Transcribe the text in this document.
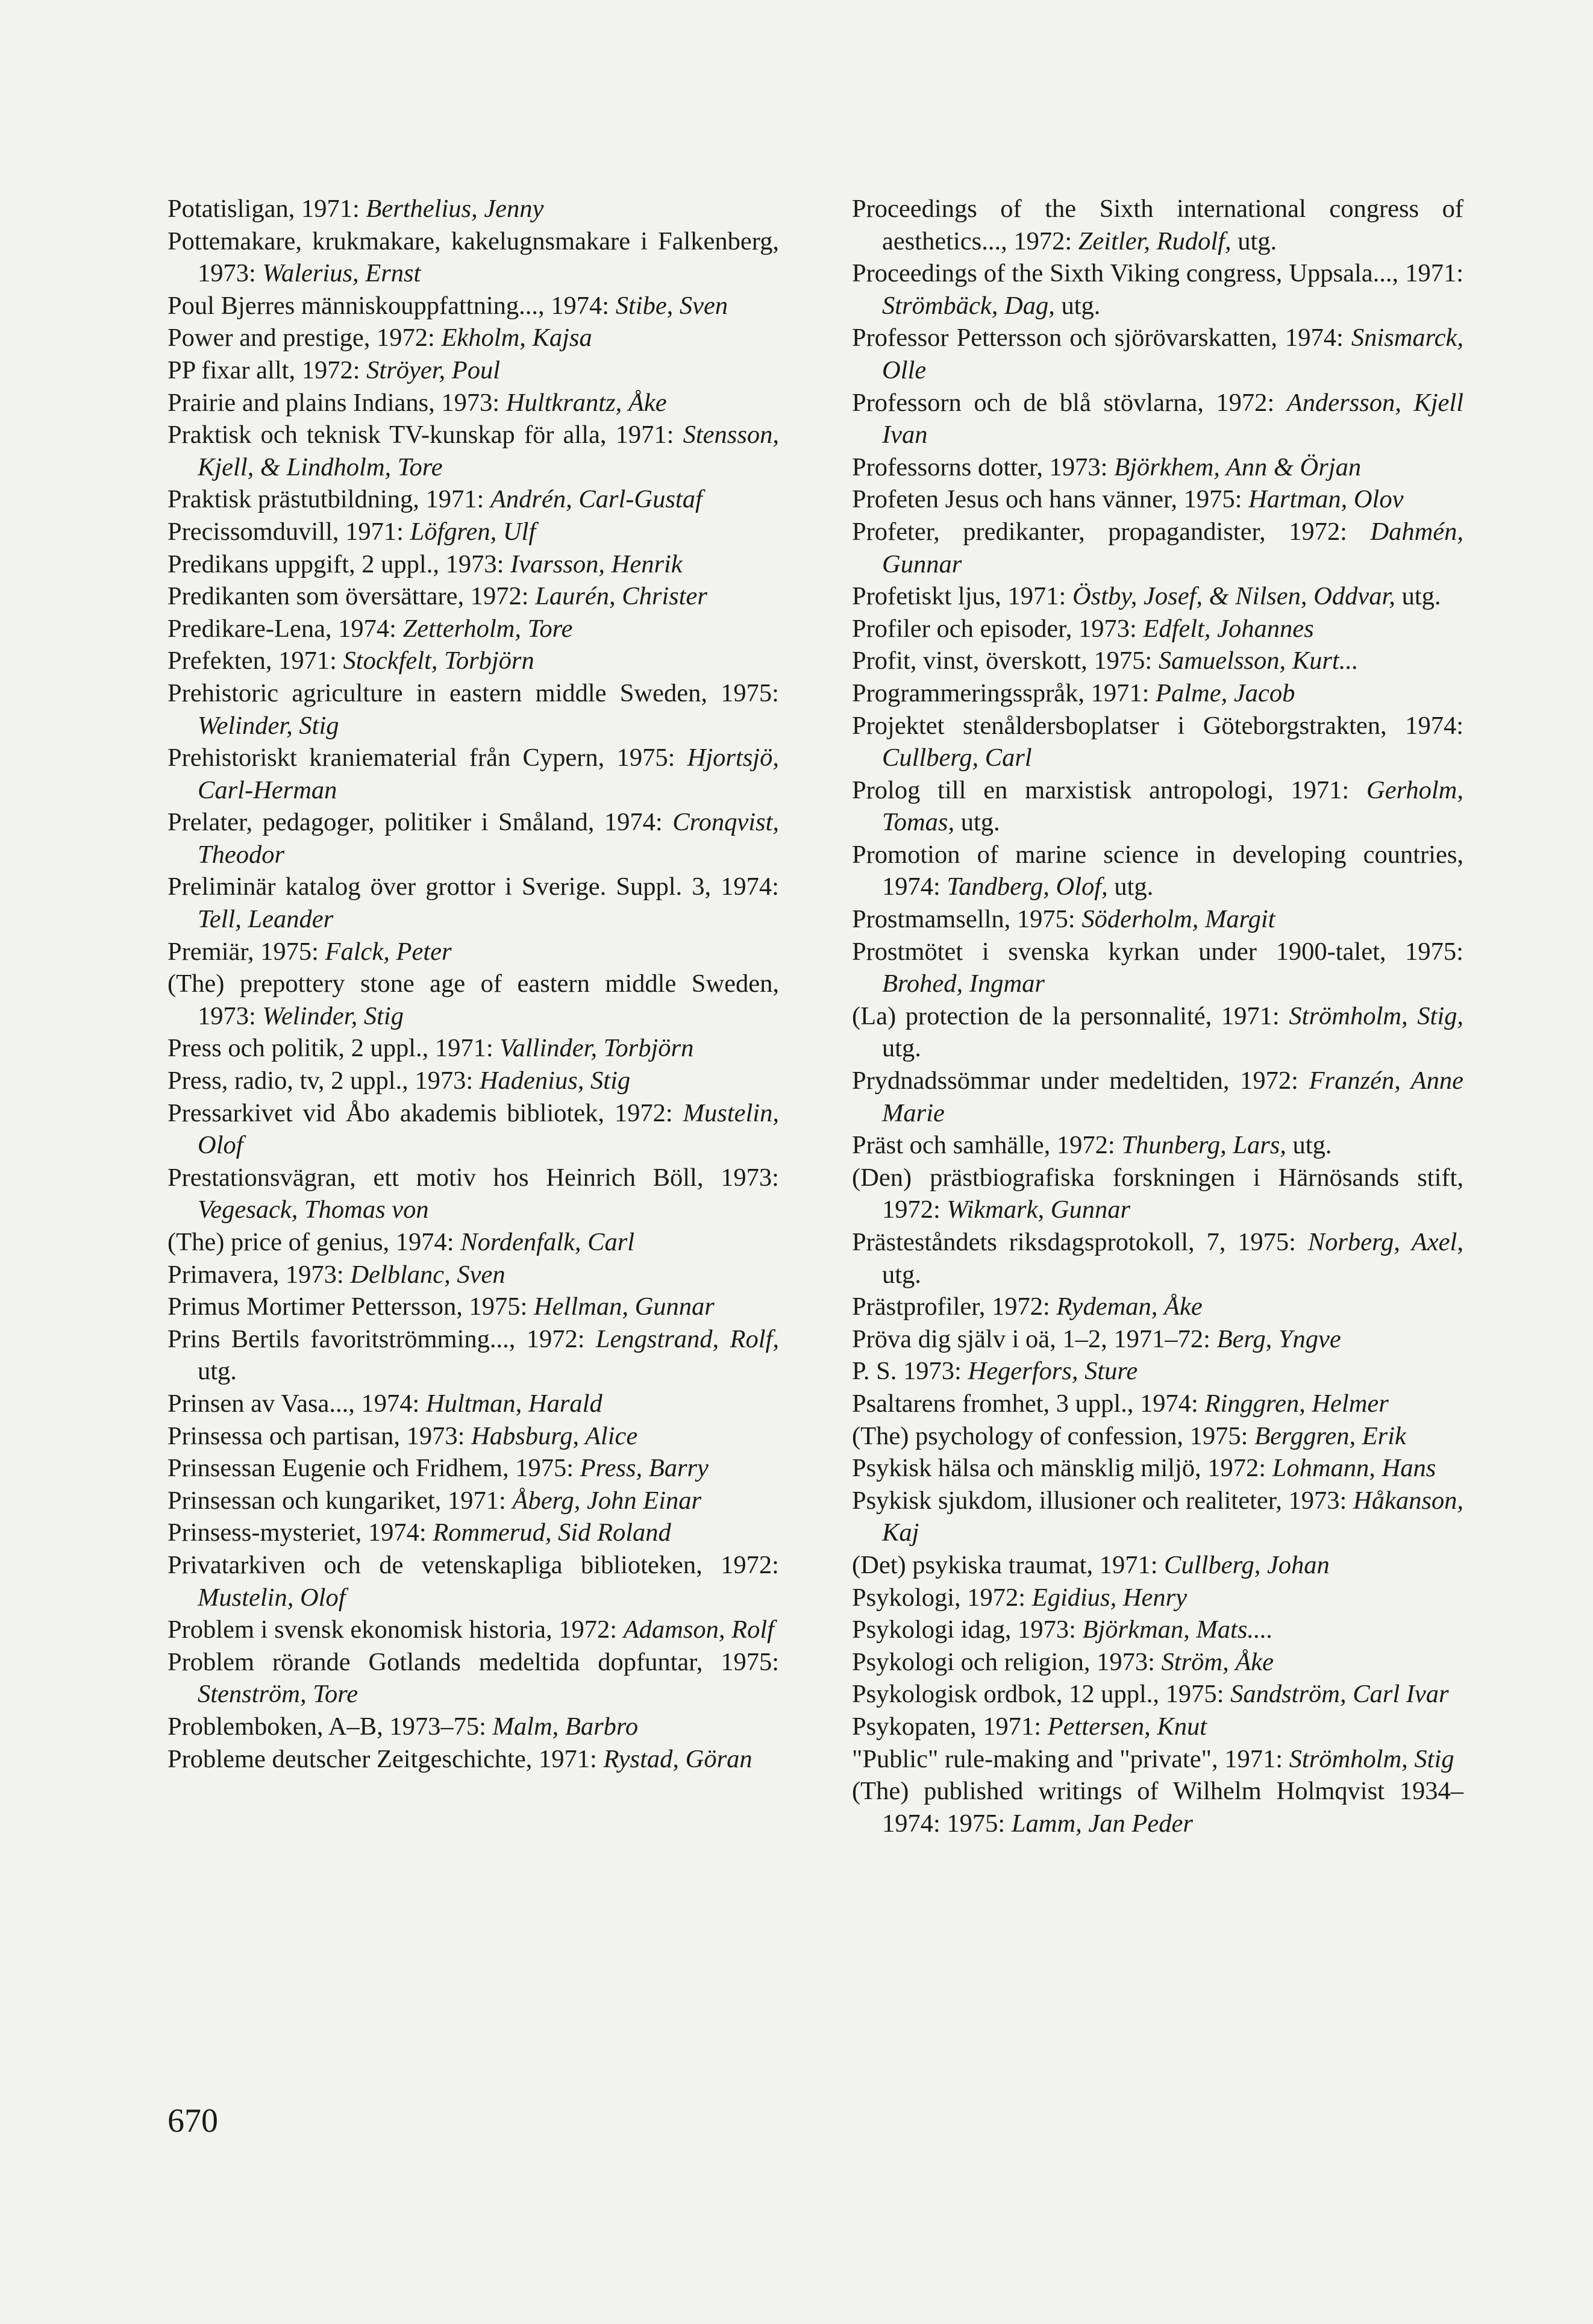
Potatisligan, 1971: Berthelius, Jenny
Pottemakare, krukmakare, kakelugnsmakare i Falkenberg, 1973: Walerius, Ernst
Poul Bjerres människouppfattning..., 1974: Stibe, Sven
Power and prestige, 1972: Ekholm, Kajsa
PP fixar allt, 1972: Ströyer, Poul
Prairie and plains Indians, 1973: Hultkrantz, Åke
Praktisk och teknisk TV-kunskap för alla, 1971: Stensson, Kjell, & Lindholm, Tore
Praktisk prästutbildning, 1971: Andrén, Carl-Gustaf
Precissomduvill, 1971: Löfgren, Ulf
Predikans uppgift, 2 uppl., 1973: Ivarsson, Henrik
Predikanten som översättare, 1972: Laurén, Christer
Predikare-Lena, 1974: Zetterholm, Tore
Prefekten, 1971: Stockfelt, Torbjörn
Prehistoric agriculture in eastern middle Sweden, 1975: Welinder, Stig
Prehistoriskt kraniematerial från Cypern, 1975: Hjortsjö, Carl-Herman
Prelater, pedagoger, politiker i Småland, 1974: Cronqvist, Theodor
Preliminär katalog över grottor i Sverige. Suppl. 3, 1974: Tell, Leander
Premiär, 1975: Falck, Peter
(The) prepottery stone age of eastern middle Sweden, 1973: Welinder, Stig
Press och politik, 2 uppl., 1971: Vallinder, Torbjörn
Press, radio, tv, 2 uppl., 1973: Hadenius, Stig
Pressarkivet vid Åbo akademis bibliotek, 1972: Mustelin, Olof
Prestationsvägran, ett motiv hos Heinrich Böll, 1973: Vegesack, Thomas von
(The) price of genius, 1974: Nordenfalk, Carl
Primavera, 1973: Delblanc, Sven
Primus Mortimer Pettersson, 1975: Hellman, Gunnar
Prins Bertils favoritströmming..., 1972: Lengstrand, Rolf, utg.
Prinsen av Vasa..., 1974: Hultman, Harald
Prinsessa och partisan, 1973: Habsburg, Alice
Prinsessan Eugenie och Fridhem, 1975: Press, Barry
Prinsessan och kungariket, 1971: Åberg, John Einar
Prinsess-mysteriet, 1974: Rommerud, Sid Roland
Privatarkiven och de vetenskapliga biblioteken, 1972: Mustelin, Olof
Problem i svensk ekonomisk historia, 1972: Adamson, Rolf
Problem rörande Gotlands medeltida dopfuntar, 1975: Stenström, Tore
Problemboken, A–B, 1973–75: Malm, Barbro
Probleme deutscher Zeitgeschichte, 1971: Rystad, Göran
Proceedings of the Sixth international congress of aesthetics..., 1972: Zeitler, Rudolf, utg.
Proceedings of the Sixth Viking congress, Uppsala..., 1971: Strömbäck, Dag, utg.
Professor Pettersson och sjörövarskatten, 1974: Snismarck, Olle
Professorn och de blå stövlarna, 1972: Andersson, Kjell Ivan
Professorns dotter, 1973: Björkhem, Ann & Örjan
Profeten Jesus och hans vänner, 1975: Hartman, Olov
Profeter, predikanter, propagandister, 1972: Dahmén, Gunnar
Profetiskt ljus, 1971: Östby, Josef, & Nilsen, Oddvar, utg.
Profiler och episoder, 1973: Edfelt, Johannes
Profit, vinst, överskott, 1975: Samuelsson, Kurt...
Programmeringsspråk, 1971: Palme, Jacob
Projektet stenåldersboplatser i Göteborgstrakten, 1974: Cullberg, Carl
Prolog till en marxistisk antropologi, 1971: Gerholm, Tomas, utg.
Promotion of marine science in developing countries, 1974: Tandberg, Olof, utg.
Prostmamselln, 1975: Söderholm, Margit
Prostmötet i svenska kyrkan under 1900-talet, 1975: Brohed, Ingmar
(La) protection de la personnalité, 1971: Strömholm, Stig, utg.
Prydnadssömmar under medeltiden, 1972: Franzén, Anne Marie
Präst och samhälle, 1972: Thunberg, Lars, utg.
(Den) prästbiografiska forskningen i Härnösands stift, 1972: Wikmark, Gunnar
Prästeståndets riksdagsprotokoll, 7, 1975: Norberg, Axel, utg.
Prästprofiler, 1972: Rydeman, Åke
Pröva dig själv i oä, 1–2, 1971–72: Berg, Yngve
P. S. 1973: Hegerfors, Sture
Psaltarens fromhet, 3 uppl., 1974: Ringgren, Helmer
(The) psychology of confession, 1975: Berggren, Erik
Psykisk hälsa och mänsklig miljö, 1972: Lohmann, Hans
Psykisk sjukdom, illusioner och realiteter, 1973: Håkanson, Kaj
(Det) psykiska traumat, 1971: Cullberg, Johan
Psykologi, 1972: Egidius, Henry
Psykologi idag, 1973: Björkman, Mats....
Psykologi och religion, 1973: Ström, Åke
Psykologisk ordbok, 12 uppl., 1975: Sandström, Carl Ivar
Psykopaten, 1971: Pettersen, Knut
"Public" rule-making and "private", 1971: Strömholm, Stig
(The) published writings of Wilhelm Holmqvist 1934–1974: 1975: Lamm, Jan Peder
670
